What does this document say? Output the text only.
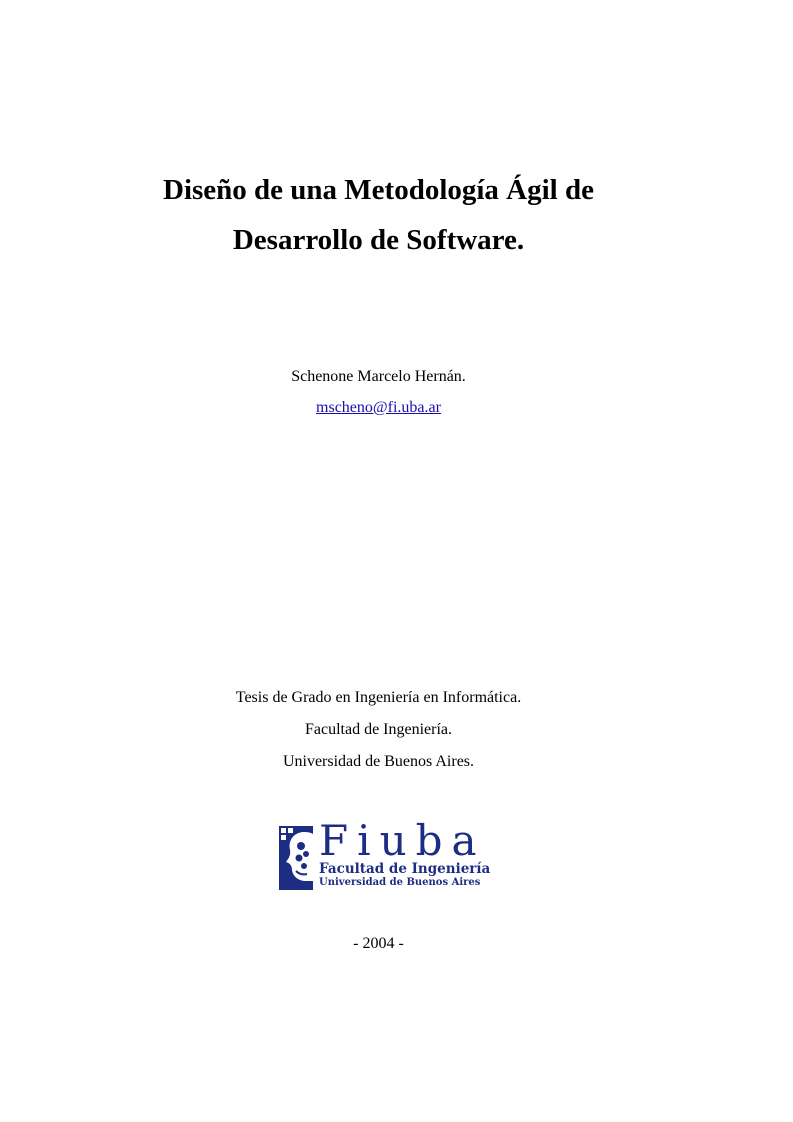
Diseño de una Metodología Ágil de
Desarrollo de Software.
Schenone Marcelo Hernán.
mscheno@fi.uba.ar
Tesis de Grado en Ingeniería en Informática.
Facultad de Ingeniería.
Universidad de Buenos Aires.
Fiuba
Facultad de Ingeniería
Universidad de Buenos Aires
- 2004 -
